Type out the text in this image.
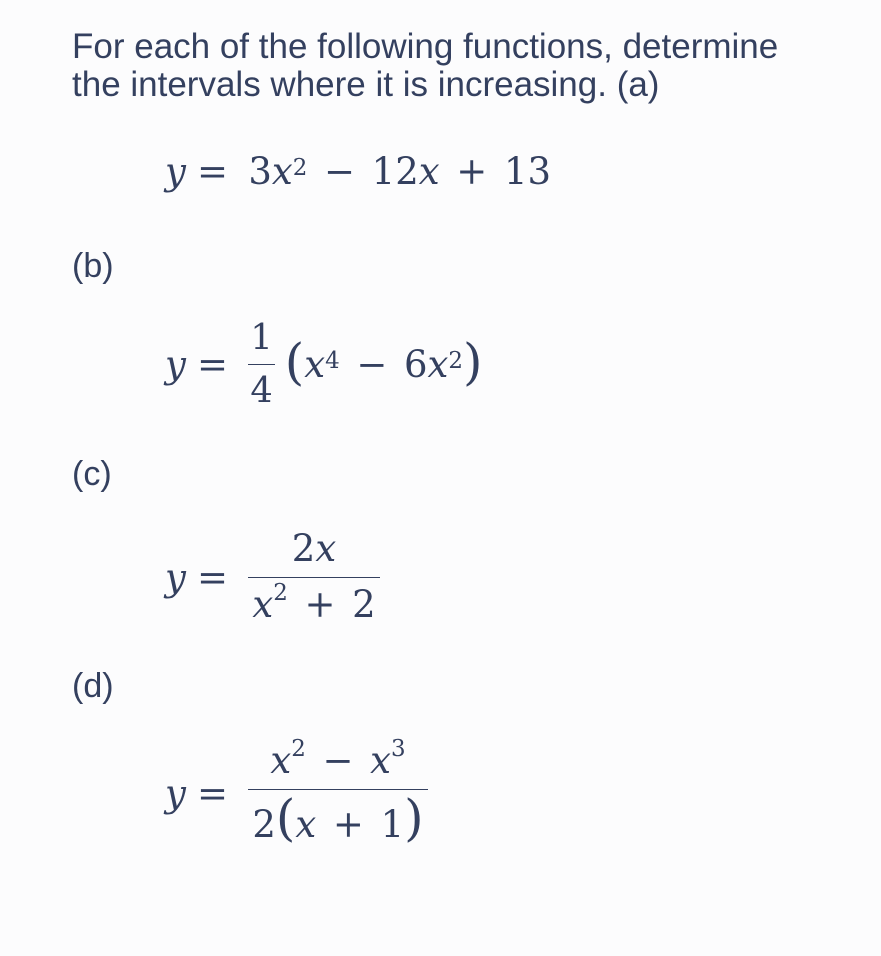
For each of the following functions, determine
the intervals where it is increasing. (a)
y = 3 $x^2 - 12$ x + 13
(b)
$y = \frac{1}{4}$ ( $x^4 - 6$ $x^2$ )
(c)
$y = \frac{2x}{x^2 + 2}$
(d)
$y = \frac{x^2 - x^3}{2(x + 1)}$
